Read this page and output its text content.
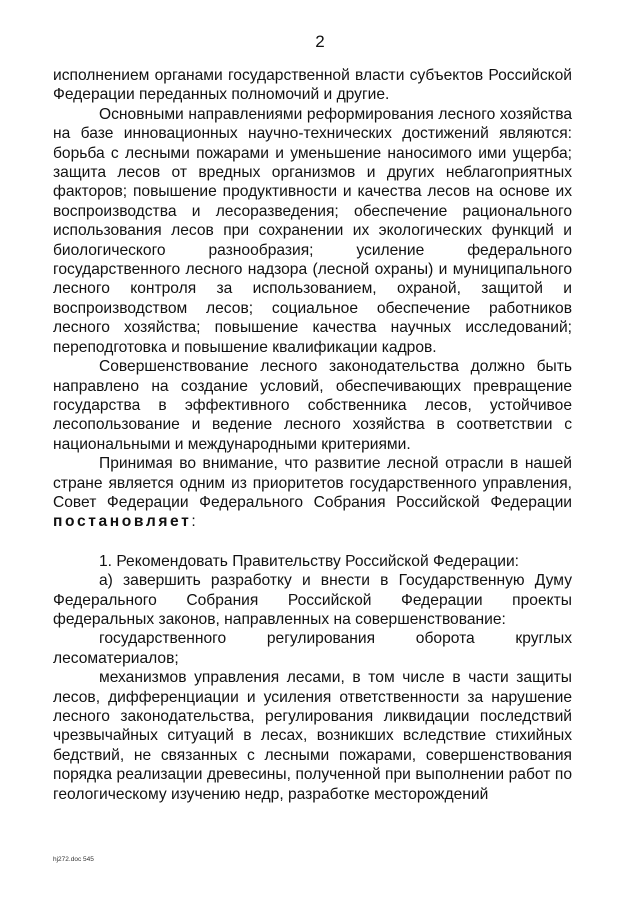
2

исполнением органами государственной власти субъектов Российской Федерации переданных полномочий и другие.

Основными направлениями реформирования лесного хозяйства на базе инновационных научно-технических достижений являются: борьба с лесными пожарами и уменьшение наносимого ими ущерба; защита лесов от вредных организмов и других неблагоприятных факторов; повышение продуктивности и качества лесов на основе их воспроизводства и лесоразведения; обеспечение рационального использования лесов при сохранении их экологических функций и биологического разнообразия; усиление федерального государственного лесного надзора (лесной охраны) и муниципального лесного контроля за использованием, охраной, защитой и воспроизводством лесов; социальное обеспечение работников лесного хозяйства; повышение качества научных исследований; переподготовка и повышение квалификации кадров.

Совершенствование лесного законодательства должно быть направлено на создание условий, обеспечивающих превращение государства в эффективного собственника лесов, устойчивое лесопользование и ведение лесного хозяйства в соответствии с национальными и международными критериями.

Принимая во внимание, что развитие лесной отрасли в нашей стране является одним из приоритетов государственного управления, Совет Федерации Федерального Собрания Российской Федерации постановляет:

1. Рекомендовать Правительству Российской Федерации:

а) завершить разработку и внести в Государственную Думу Федерального Собрания Российской Федерации проекты федеральных законов, направленных на совершенствование:

государственного регулирования оборота круглых лесоматериалов;

механизмов управления лесами, в том числе в части защиты лесов, дифференциации и усиления ответственности за нарушение лесного законодательства, регулирования ликвидации последствий чрезвычайных ситуаций в лесах, возникших вследствие стихийных бедствий, не связанных с лесными пожарами, совершенствования порядка реализации древесины, полученной при выполнении работ по геологическому изучению недр, разработке месторождений

hj272.doc 545
